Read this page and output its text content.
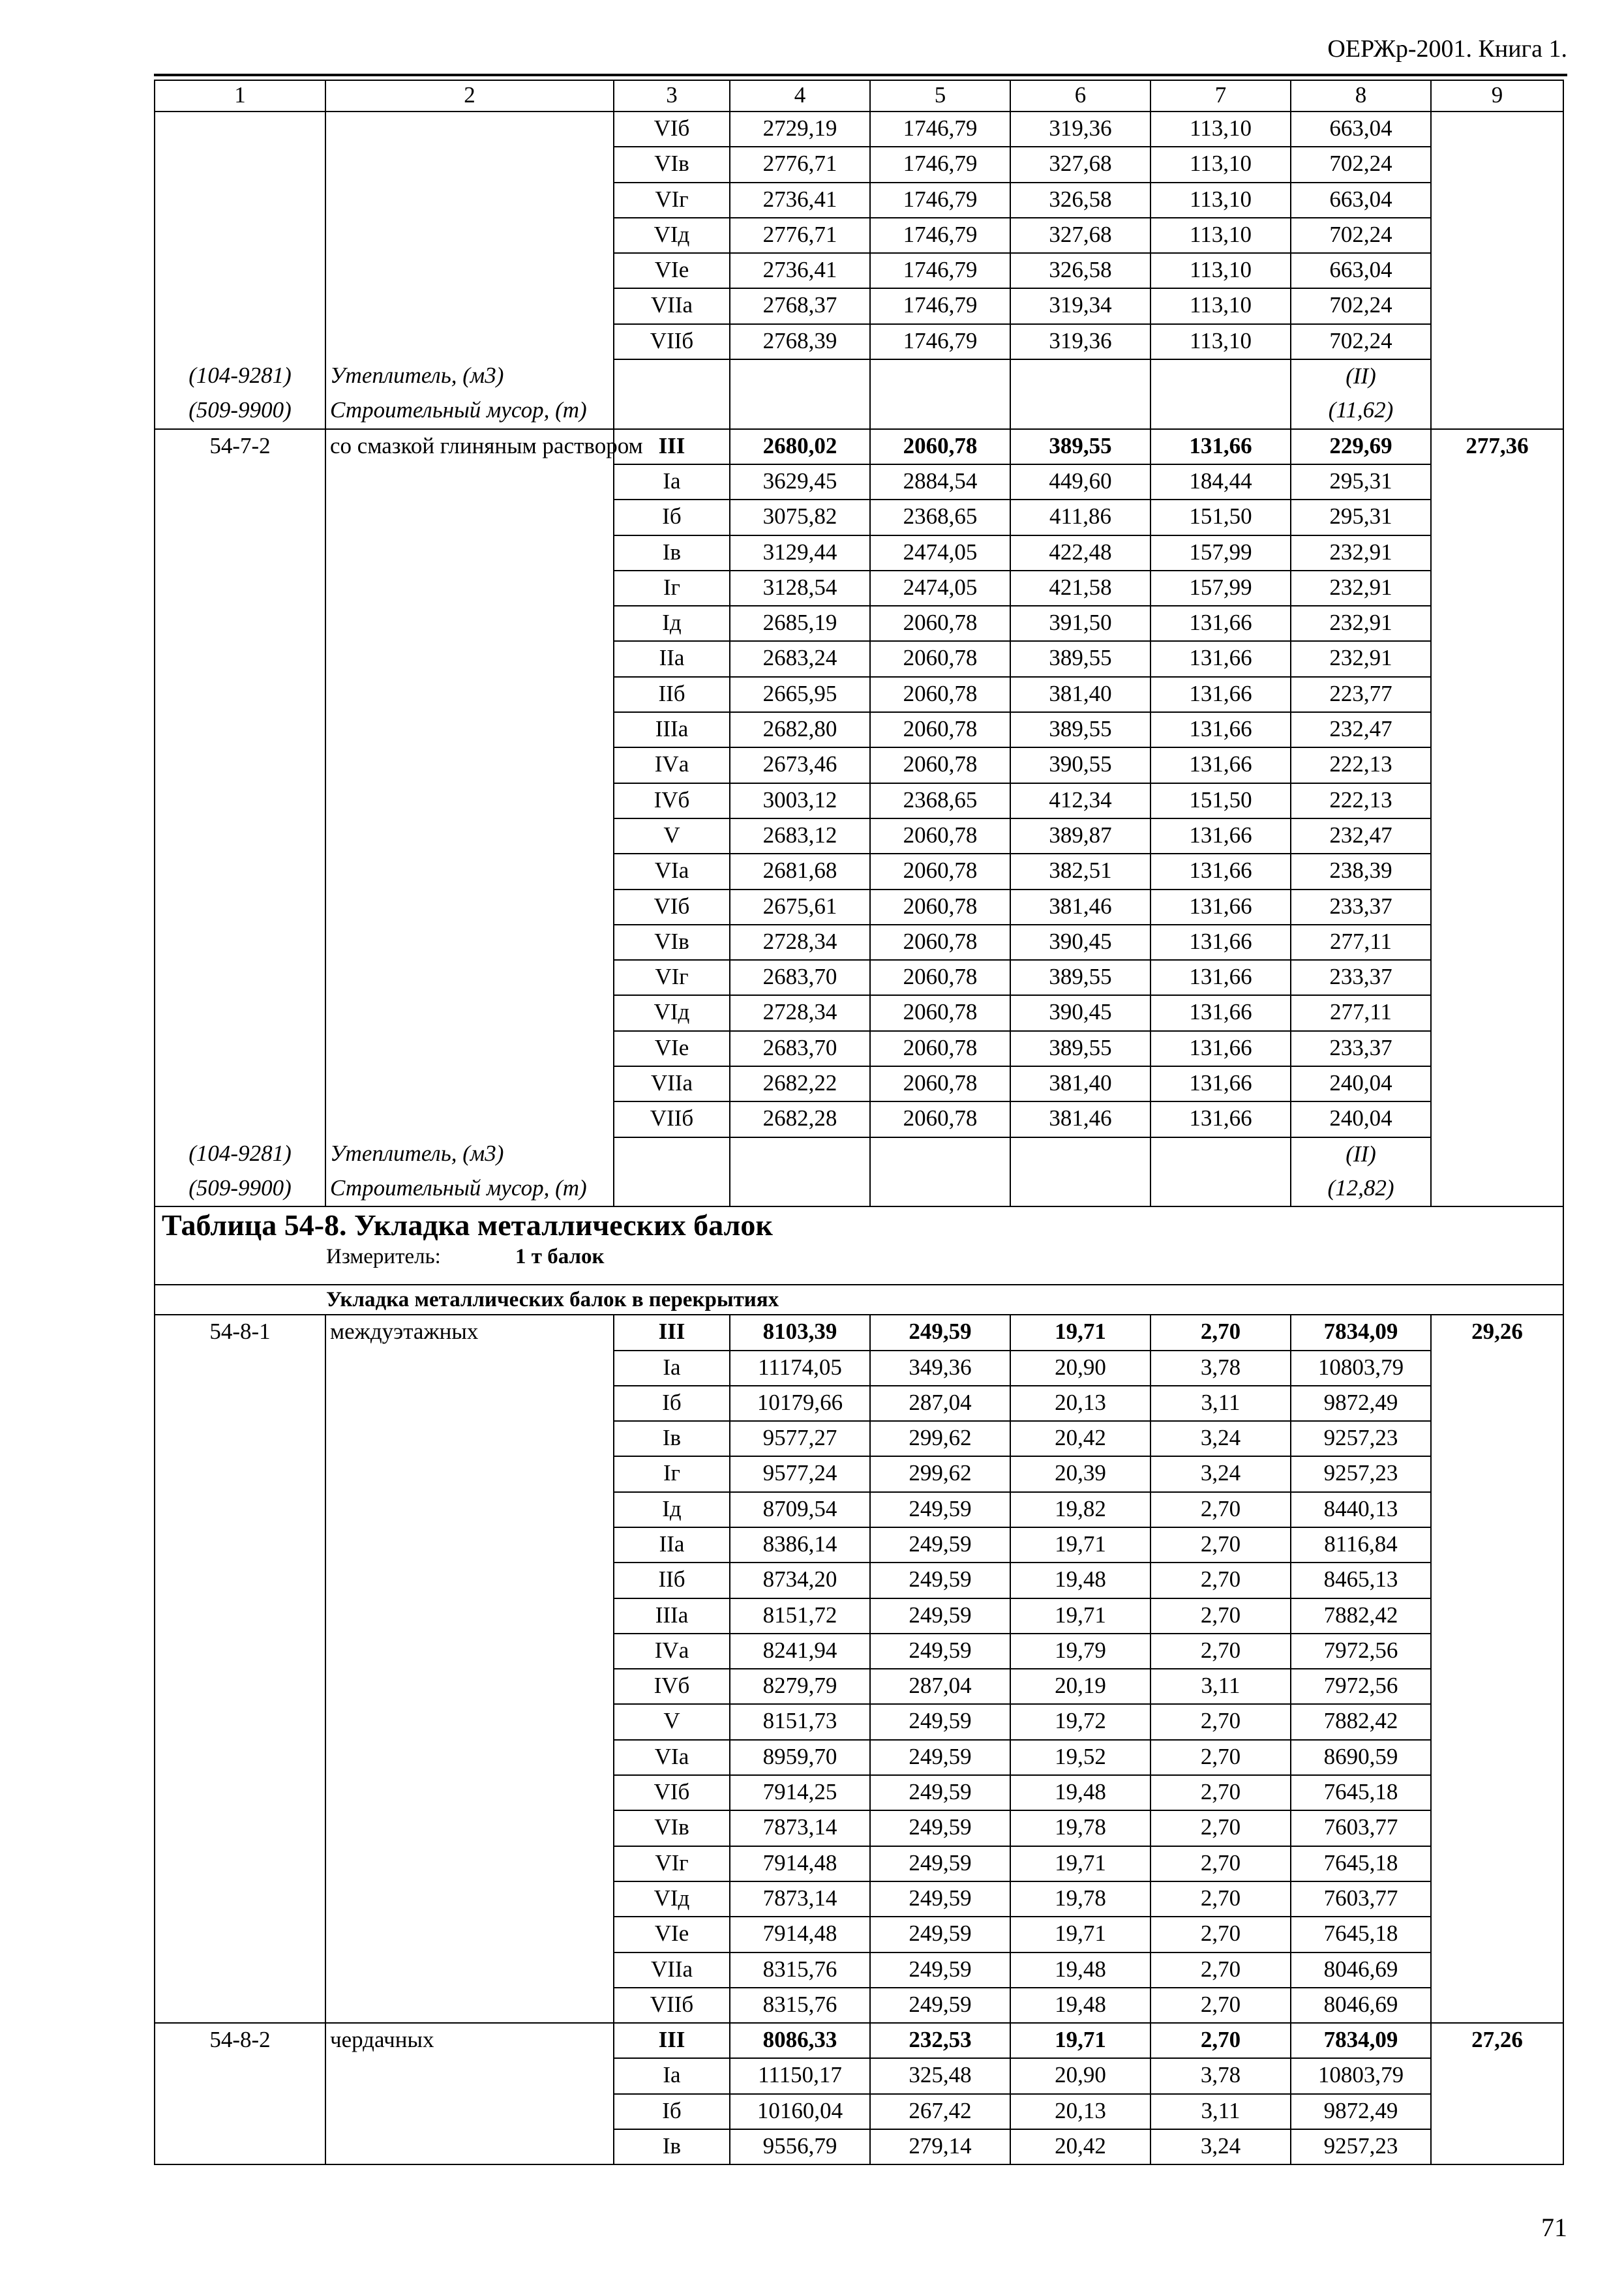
ОЕРЖр-2001. Книга 1.
1	2	3	4	5	6	7	8	9
		VIб	2729,19	1746,79	319,36	113,10	663,04	
		VIв	2776,71	1746,79	327,68	113,10	702,24	
		VIг	2736,41	1746,79	326,58	113,10	663,04	
		VIд	2776,71	1746,79	327,68	113,10	702,24	
		VIе	2736,41	1746,79	326,58	113,10	663,04	
		VIIа	2768,37	1746,79	319,34	113,10	702,24	
		VIIб	2768,39	1746,79	319,36	113,10	702,24	
(104-9281)	Утеплитель, (м3)						(II)	
(509-9900)	Строительный мусор, (т)						(11,62)	
54-7-2	со смазкой глиняным раствором	III	2680,02	2060,78	389,55	131,66	229,69	277,36
		Iа	3629,45	2884,54	449,60	184,44	295,31	
		Iб	3075,82	2368,65	411,86	151,50	295,31	
		Iв	3129,44	2474,05	422,48	157,99	232,91	
		Iг	3128,54	2474,05	421,58	157,99	232,91	
		Iд	2685,19	2060,78	391,50	131,66	232,91	
		IIа	2683,24	2060,78	389,55	131,66	232,91	
		IIб	2665,95	2060,78	381,40	131,66	223,77	
		IIIа	2682,80	2060,78	389,55	131,66	232,47	
		IVа	2673,46	2060,78	390,55	131,66	222,13	
		IVб	3003,12	2368,65	412,34	151,50	222,13	
		V	2683,12	2060,78	389,87	131,66	232,47	
		VIа	2681,68	2060,78	382,51	131,66	238,39	
		VIб	2675,61	2060,78	381,46	131,66	233,37	
		VIв	2728,34	2060,78	390,45	131,66	277,11	
		VIг	2683,70	2060,78	389,55	131,66	233,37	
		VIд	2728,34	2060,78	390,45	131,66	277,11	
		VIе	2683,70	2060,78	389,55	131,66	233,37	
		VIIа	2682,22	2060,78	381,40	131,66	240,04	
		VIIб	2682,28	2060,78	381,46	131,66	240,04	
(104-9281)	Утеплитель, (м3)						(II)	
(509-9900)	Строительный мусор, (т)						(12,82)	

Таблица 54-8. Укладка металлических балок
Измеритель: 1 т балок								

Укладка металлических балок в перекрытиях								
54-8-1	междуэтажных	III	8103,39	249,59	19,71	2,70	7834,09	29,26
		Iа	11174,05	349,36	20,90	3,78	10803,79	
		Iб	10179,66	287,04	20,13	3,11	9872,49	
		Iв	9577,27	299,62	20,42	3,24	9257,23	
		Iг	9577,24	299,62	20,39	3,24	9257,23	
		Iд	8709,54	249,59	19,82	2,70	8440,13	
		IIа	8386,14	249,59	19,71	2,70	8116,84	
		IIб	8734,20	249,59	19,48	2,70	8465,13	
		IIIа	8151,72	249,59	19,71	2,70	7882,42	
		IVа	8241,94	249,59	19,79	2,70	7972,56	
		IVб	8279,79	287,04	20,19	3,11	7972,56	
		V	8151,73	249,59	19,72	2,70	7882,42	
		VIа	8959,70	249,59	19,52	2,70	8690,59	
		VIб	7914,25	249,59	19,48	2,70	7645,18	
		VIв	7873,14	249,59	19,78	2,70	7603,77	
		VIг	7914,48	249,59	19,71	2,70	7645,18	
		VIд	7873,14	249,59	19,78	2,70	7603,77	
		VIе	7914,48	249,59	19,71	2,70	7645,18	
		VIIа	8315,76	249,59	19,48	2,70	8046,69	
		VIIб	8315,76	249,59	19,48	2,70	8046,69	
54-8-2	чердачных	III	8086,33	232,53	19,71	2,70	7834,09	27,26
		Iа	11150,17	325,48	20,90	3,78	10803,79	
		Iб	10160,04	267,42	20,13	3,11	9872,49	
		Iв	9556,79	279,14	20,42	3,24	9257,23	
71
